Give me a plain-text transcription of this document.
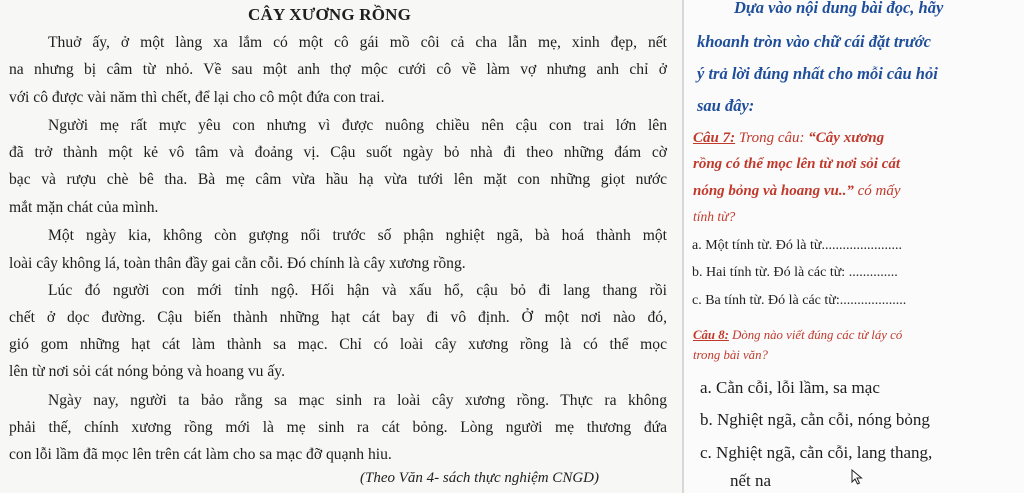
CÂY XƯƠNG RỒNG
Thuở ấy, ở một làng xa lắm có một cô gái mồ côi cả cha lẫn mẹ, xinh đẹp, nết
na nhưng bị câm từ nhỏ. Về sau một anh thợ mộc cưới cô về làm vợ nhưng anh chỉ ở
với cô được vài năm thì chết, để lại cho cô một đứa con trai.
Người mẹ rất mực yêu con nhưng vì được nuông chiều nên cậu con trai lớn lên
đã trở thành một kẻ vô tâm và đoảng vị. Cậu suốt ngày bỏ nhà đi theo những đám cờ
bạc và rượu chè bê tha. Bà mẹ câm vừa hầu hạ vừa tưới lên mặt con những giọt nước
mắt mặn chát của mình.
Một ngày kia, không còn gượng nổi trước số phận nghiệt ngã, bà hoá thành một
loài cây không lá, toàn thân đầy gai cằn cỗi. Đó chính là cây xương rồng.
Lúc đó người con mới tỉnh ngộ. Hối hận và xấu hổ, cậu bỏ đi lang thang rồi
chết ở dọc đường. Cậu biến thành những hạt cát bay đi vô định. Ở một nơi nào đó,
gió gom những hạt cát làm thành sa mạc. Chỉ có loài cây xương rồng là có thể mọc
lên từ nơi sỏi cát nóng bỏng và hoang vu ấy.
Ngày nay, người ta bảo rằng sa mạc sinh ra loài cây xương rồng. Thực ra không
phải thế, chính xương rồng mới là mẹ sinh ra cát bỏng. Lòng người mẹ thương đứa
con lỗi lầm đã mọc lên trên cát làm cho sa mạc đỡ quạnh hiu.
(Theo Văn 4- sách thực nghiệm CNGD)
Dựa vào nội dung bài đọc, hãy
khoanh tròn vào chữ cái đặt trước
ý trả lời đúng nhất cho mỗi câu hỏi
sau đây:
Câu 7: Trong câu: “Cây xương
rồng có thể mọc lên từ nơi sỏi cát
nóng bỏng và hoang vu..” có mấy
tính từ?
a. Một tính từ. Đó là từ.......................
b. Hai tính từ. Đó là các từ: ..............
c. Ba tính từ. Đó là các từ:...................
Câu 8: Dòng nào viết đúng các từ láy có
trong bài văn?
a. Cằn cỗi, lỗi lầm, sa mạc
b. Nghiệt ngã, cằn cỗi, nóng bỏng
c. Nghiệt ngã, cằn cỗi, lang thang,
nết na
